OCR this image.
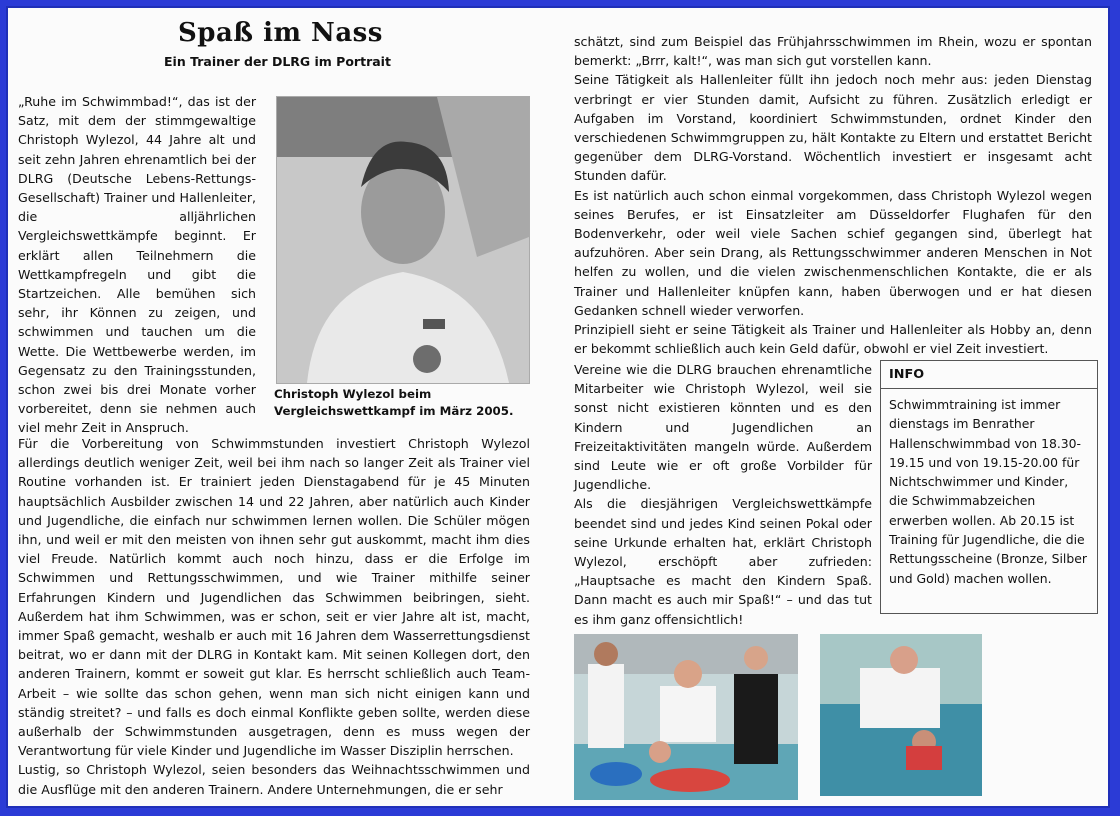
Spaß im Nass
Ein Trainer der DLRG im Portrait

„Ruhe im Schwimmbad!“, das ist der Satz, mit dem der stimmgewaltige Christoph Wylezol, 44 Jahre alt und seit zehn Jahren ehrenamtlich bei der DLRG (Deutsche Lebens-Rettungs-Gesellschaft) Trainer und Hallenleiter, die alljährlichen Vergleichswettkämpfe beginnt. Er erklärt allen Teilnehmern die Wettkampfregeln und gibt die Startzeichen. Alle bemühen sich sehr, ihr Können zu zeigen, und schwimmen und tauchen um die Wette. Die Wettbewerbe werden, im Gegensatz zu den Trainingsstunden, schon zwei bis drei Monate vorher vorbereitet, denn sie nehmen auch viel mehr Zeit in Anspruch.

Christoph Wylezol beim Vergleichswettkampf im März 2005.

Für die Vorbereitung von Schwimmstunden investiert Christoph Wylezol allerdings deutlich weniger Zeit, weil bei ihm nach so langer Zeit als Trainer viel Routine vorhanden ist. Er trainiert jeden Dienstagabend für je 45 Minuten hauptsächlich Ausbilder zwischen 14 und 22 Jahren, aber natürlich auch Kinder und Jugendliche, die einfach nur schwimmen lernen wollen. Die Schüler mögen ihn, und weil er mit den meisten von ihnen sehr gut auskommt, macht ihm dies viel Freude. Natürlich kommt auch noch hinzu, dass er die Erfolge im Schwimmen und Rettungsschwimmen, und wie Trainer mithilfe seiner Erfahrungen Kindern und Jugendlichen das Schwimmen beibringen, sieht. Außerdem hat ihm Schwimmen, was er schon, seit er vier Jahre alt ist, macht, immer Spaß gemacht, weshalb er auch mit 16 Jahren dem Wasserrettungsdienst beitrat, wo er dann mit der DLRG in Kontakt kam. Mit seinen Kollegen dort, den anderen Trainern, kommt er soweit gut klar. Es herrscht schließlich auch Team-Arbeit – wie sollte das schon gehen, wenn man sich nicht einigen kann und ständig streitet? – und falls es doch einmal Konflikte geben sollte, werden diese außerhalb der Schwimmstunden ausgetragen, denn es muss wegen der Verantwortung für viele Kinder und Jugendliche im Wasser Disziplin herrschen.

Lustig, so Christoph Wylezol, seien besonders das Weihnachtsschwimmen und die Ausflüge mit den anderen Trainern. Andere Unternehmungen, die er sehr

schätzt, sind zum Beispiel das Frühjahrsschwimmen im Rhein, wozu er spontan bemerkt: „Brrr, kalt!“, was man sich gut vorstellen kann.

Seine Tätigkeit als Hallenleiter füllt ihn jedoch noch mehr aus: jeden Dienstag verbringt er vier Stunden damit, Aufsicht zu führen. Zusätzlich erledigt er Aufgaben im Vorstand, koordiniert Schwimmstunden, ordnet Kinder den verschiedenen Schwimmgruppen zu, hält Kontakte zu Eltern und erstattet Bericht gegenüber dem DLRG-Vorstand. Wöchentlich investiert er insgesamt acht Stunden dafür.

Es ist natürlich auch schon einmal vorgekommen, dass Christoph Wylezol wegen seines Berufes, er ist Einsatzleiter am Düsseldorfer Flughafen für den Bodenverkehr, oder weil viele Sachen schief gegangen sind, überlegt hat aufzuhören. Aber sein Drang, als Rettungsschwimmer anderen Menschen in Not helfen zu wollen, und die vielen zwischenmenschlichen Kontakte, die er als Trainer und Hallenleiter knüpfen kann, haben überwogen und er hat diesen Gedanken schnell wieder verworfen.

Prinzipiell sieht er seine Tätigkeit als Trainer und Hallenleiter als Hobby an, denn er bekommt schließlich auch kein Geld dafür, obwohl er viel Zeit investiert.

Vereine wie die DLRG brauchen ehrenamtliche Mitarbeiter wie Christoph Wylezol, weil sie sonst nicht existieren könnten und es den Kindern und Jugendlichen an Freizeitaktivitäten mangeln würde. Außerdem sind Leute wie er oft große Vorbilder für Jugendliche.

Als die diesjährigen Vergleichswettkämpfe beendet sind und jedes Kind seinen Pokal oder seine Urkunde erhalten hat, erklärt Christoph Wylezol, erschöpft aber zufrieden: „Hauptsache es macht den Kindern Spaß. Dann macht es auch mir Spaß!“ – und das tut es ihm ganz offensichtlich!

INFO
Schwimmtraining ist immer dienstags im Benrather Hallenschwimmbad von 18.30-19.15 und von 19.15-20.00 für Nichtschwimmer und Kinder, die Schwimmabzeichen erwerben wollen. Ab 20.15 ist Training für Jugendliche, die die Rettungsscheine (Bronze, Silber und Gold) machen wollen.
